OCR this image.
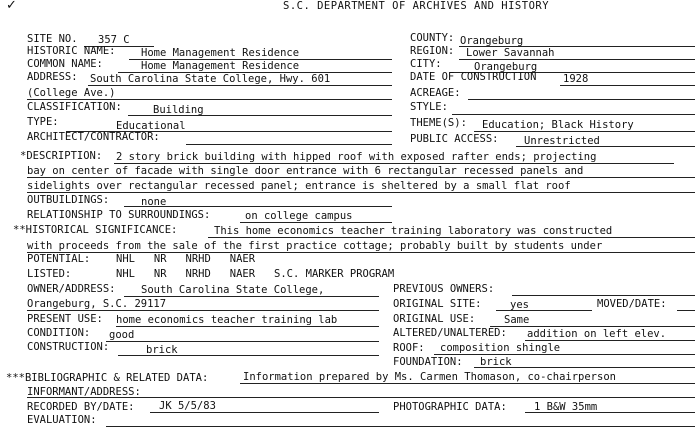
✓	S.C. DEPARTMENT OF ARCHIVES AND HISTORY
SITE NO. 357 C	COUNTY: Orangeburg
HISTORIC NAME: Home Management Residence	REGION: Lower Savannah
COMMON NAME:	Home Management Residence	CITY:	Orangeburg
ADDRESS: South Carolina State College, Hwy. 601	DATE OF CONSTRUCTION	1928
(College Ave.)	ACREAGE:
CLASSIFICATION:	Building	STYLE:
TYPE:	Educational	THEME(S): Education; Black History
ARCHITECT/CONTRACTOR:	PUBLIC ACCESS: Unrestricted
*DESCRIPTION: 2 story brick building with hipped roof with exposed rafter ends; projecting
bay on center of facade with single door entrance with 6 rectangular recessed panels and
sidelights over rectangular recessed panel; entrance is sheltered by a small flat roof
OUTBUILDINGS:	none
RELATIONSHIP TO SURROUNDINGS:	on college campus
**HISTORICAL SIGNIFICANCE:	This home economics teacher training laboratory was constructed
with proceeds from the sale of the first practice cottage; probably built by students under
POTENTIAL: NHL   NR   NRHD   NAER
LISTED:	NHL   NR   NRHD   NAER   S.C. MARKER PROGRAM
OWNER/ADDRESS: South Carolina State College,	PREVIOUS OWNERS:
Orangeburg, S.C. 29117	ORIGINAL SITE:	yes	MOVED/DATE:
PRESENT USE: home economics teacher training lab	ORIGINAL USE:	Same
CONDITION: good	ALTERED/UNALTERED: addition on left elev.
CONSTRUCTION:	brick	ROOF: composition shingle
FOUNDATION: brick
***BIBLIOGRAPHIC & RELATED DATA:	Information prepared by Ms. Carmen Thomason, co-chairperson
INFORMANT/ADDRESS:
RECORDED BY/DATE: JK 5/5/83	PHOTOGRAPHIC DATA:	1 B&W 35mm
EVALUATION:
